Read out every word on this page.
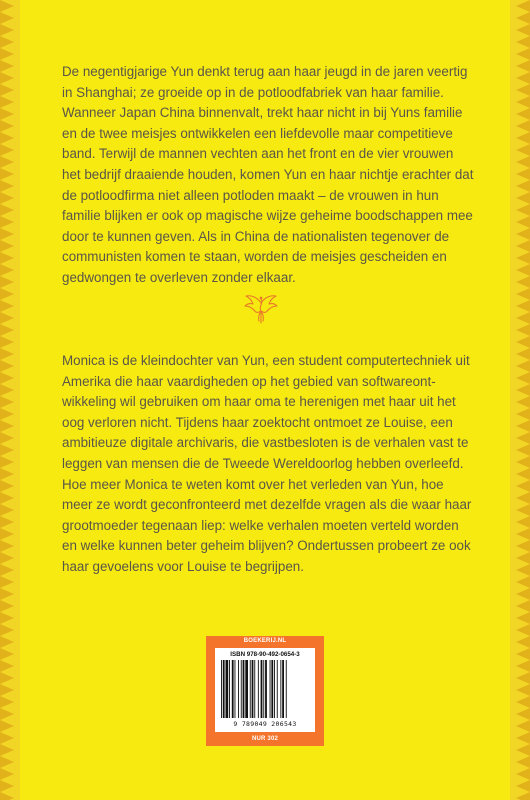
De negentigjarige Yun denkt terug aan haar jeugd in de jaren veertig in Shanghai; ze groeide op in de potloodfabriek van haar familie. Wanneer Japan China binnenvalt, trekt haar nicht in bij Yuns familie en de twee meisjes ontwikkelen een liefdevolle maar competitieve band. Terwijl de mannen vechten aan het front en de vier vrouwen het bedrijf draaiende houden, komen Yun en haar nichtje erachter dat de potloodfirma niet alleen potloden maakt – de vrouwen in hun familie blijken er ook op magische wijze geheime boodschappen mee door te kunnen geven. Als in China de nationalisten tegenover de communisten komen te staan, worden de meisjes gescheiden en gedwongen te overleven zonder elkaar.

Monica is de kleindochter van Yun, een student computertechniek uit Amerika die haar vaardigheden op het gebied van softwareontwikkeling wil gebruiken om haar oma te herenigen met haar uit het oog verloren nicht. Tijdens haar zoektocht ontmoet ze Louise, een ambitieuze digitale archivaris, die vastbesloten is de verhalen vast te leggen van mensen die de Tweede Wereldoorlog hebben overleefd. Hoe meer Monica te weten komt over het verleden van Yun, hoe meer ze wordt geconfronteerd met dezelfde vragen als die waar haar grootmoeder tegenaan liep: welke verhalen moeten verteld worden en welke kunnen beter geheim blijven? Ondertussen probeert ze ook haar gevoelens voor Louise te begrijpen.

BOEKERIJ.NL
ISBN 978-90-492-0654-3
9 789049 206543
NUR 302
